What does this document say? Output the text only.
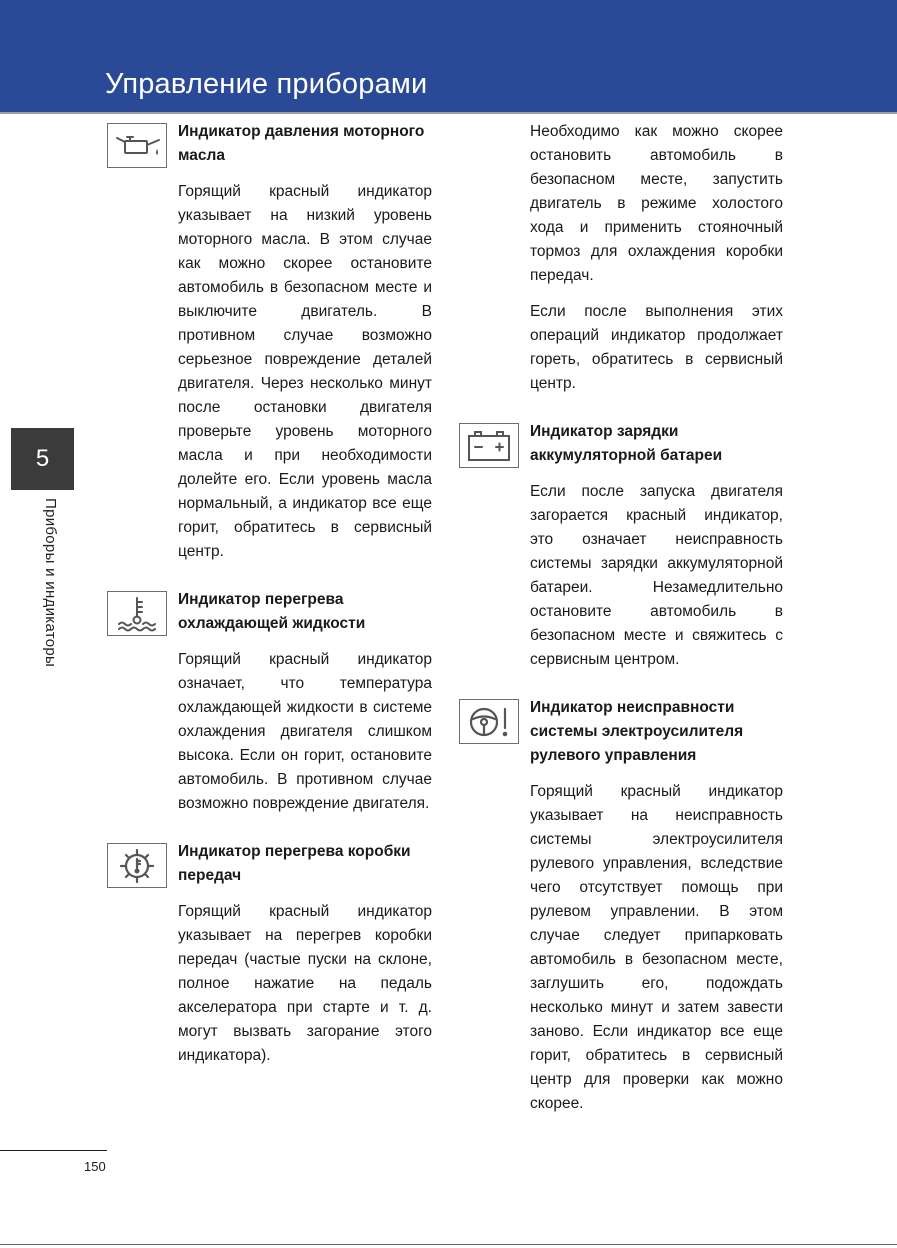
Управление приборами
5
Приборы и индикаторы

Индикатор давления моторного масла

Горящий красный индикатор указывает на низкий уровень моторного масла. В этом случае как можно скорее остановите автомобиль в безопасном месте и выключите двигатель. В противном случае возможно серьезное повреждение деталей двигателя. Через несколько минут после остановки двигателя проверьте уровень моторного масла и при необходимости долейте его. Если уровень масла нормальный, а индикатор все еще горит, обратитесь в сервисный центр.

Индикатор перегрева охлаждающей жидкости

Горящий красный индикатор означает, что температура охлаждающей жидкости в системе охлаждения двигателя слишком высока. Если он горит, остановите автомобиль. В противном случае возможно повреждение двигателя.

Индикатор перегрева коробки передач

Горящий красный индикатор указывает на перегрев коробки передач (частые пуски на склоне, полное нажатие на педаль акселератора при старте и т. д. могут вызвать загорание этого индикатора).

Необходимо как можно скорее остановить автомобиль в безопасном месте, запустить двигатель в режиме холостого хода и применить стояночный тормоз для охлаждения коробки передач.

Если после выполнения этих операций индикатор продолжает гореть, обратитесь в сервисный центр.

Индикатор зарядки аккумуляторной батареи

Если после запуска двигателя загорается красный индикатор, это означает неисправность системы зарядки аккумуляторной батареи. Незамедлительно остановите автомобиль в безопасном месте и свяжитесь с сервисным центром.

Индикатор неисправности системы электроусилителя рулевого управления

Горящий красный индикатор указывает на неисправность системы электроусилителя рулевого управления, вследствие чего отсутствует помощь при рулевом управлении. В этом случае следует припарковать автомобиль в безопасном месте, заглушить его, подождать несколько минут и затем завести заново. Если индикатор все еще горит, обратитесь в сервисный центр для проверки как можно скорее.

150
